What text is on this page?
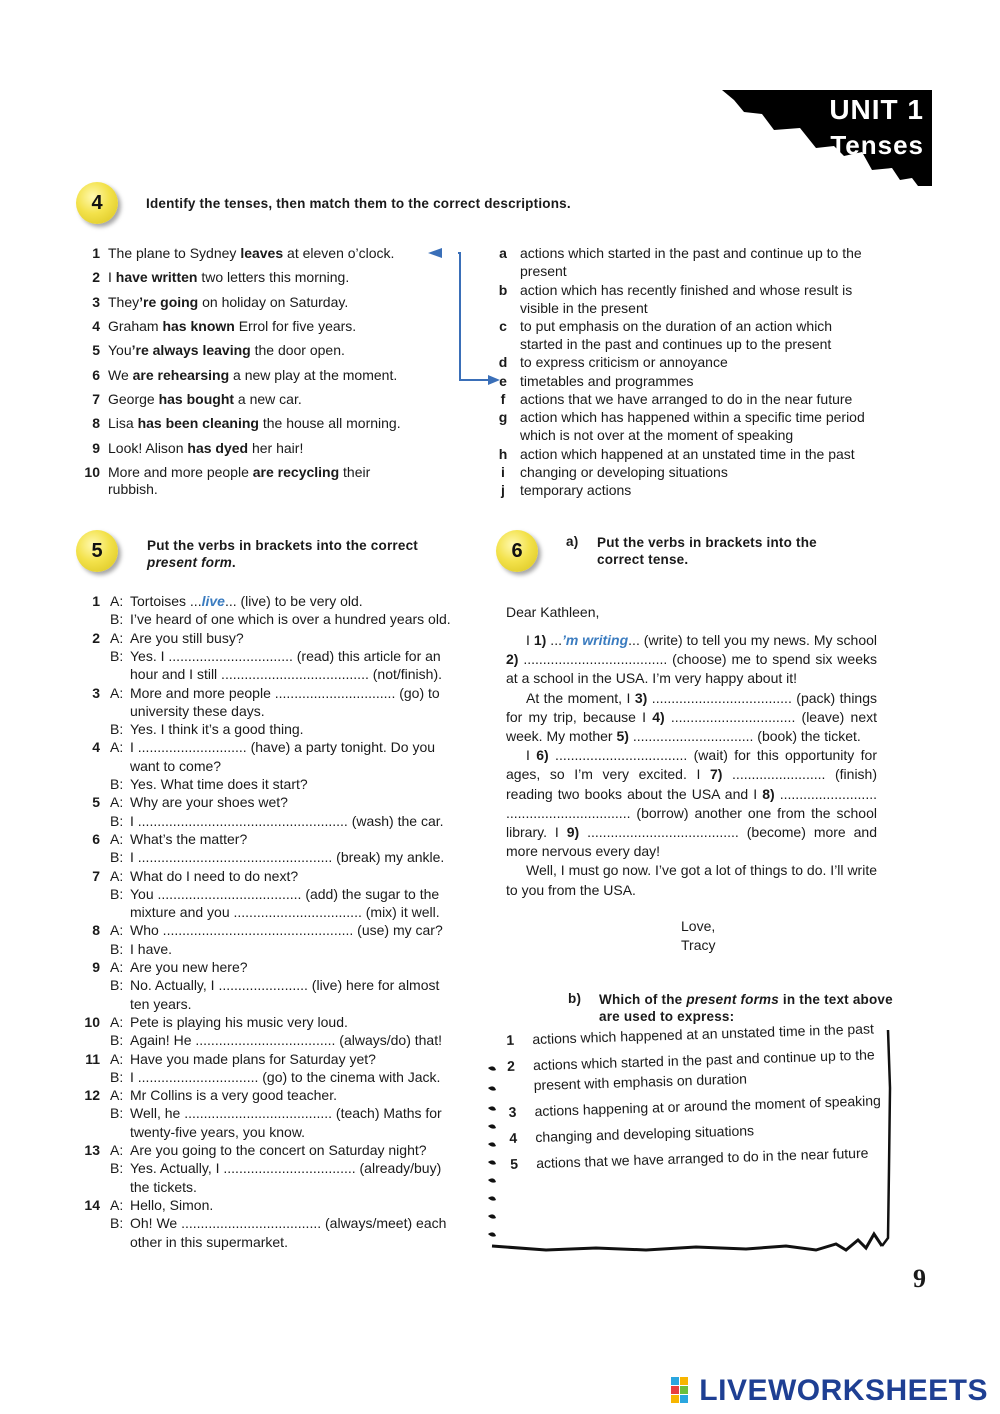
UNIT 1
Tenses
4	Identify the tenses, then match them to the correct descriptions.
1 The plane to Sydney leaves at eleven o’clock.
2 I have written two letters this morning.
3 They’re going on holiday on Saturday.
4 Graham has known Errol for five years.
5 You’re always leaving the door open.
6 We are rehearsing a new play at the moment.
7 George has bought a new car.
8 Lisa has been cleaning the house all morning.
9 Look! Alison has dyed her hair!
10 More and more people are recycling their
rubbish.
a actions which started in the past and continue up to the
present
b action which has recently finished and whose result is
visible in the present
c to put emphasis on the duration of an action which
started in the past and continues up to the present
d to express criticism or annoyance
e timetables and programmes
f	actions that we have arranged to do in the near future
g action which has happened within a specific time period
which is not over at the moment of speaking
h action which happened at an unstated time in the past
i	changing or developing situations
j	temporary actions
5	Put the verbs in brackets into the correct
present form.
1 A: Tortoises ...live... (live) to be very old.
B: I’ve heard of one which is over a hundred years old.
2 A: Are you still busy?
B: Yes. I ................................ (read) this article for an
hour and I still ...................................... (not/finish).
3 A: More and more people ............................... (go) to
university these days.
B: Yes. I think it’s a good thing.
4 A: I ............................ (have) a party tonight. Do you
want to come?
B: Yes. What time does it start?
5 A: Why are your shoes wet?
B: I ...................................................... (wash) the car.
6 A: What’s the matter?
B: I .................................................. (break) my ankle.
7 A: What do I need to do next?
B: You ..................................... (add) the sugar to the
mixture and you ................................. (mix) it well.
8 A: Who ................................................. (use) my car?
B: I have.
9 A: Are you new here?
B: No. Actually, I ....................... (live) here for almost
ten years.
10 A: Pete is playing his music very loud.
B: Again! He .................................... (always/do) that!
11 A: Have you made plans for Saturday yet?
B: I ............................... (go) to the cinema with Jack.
12 A: Mr Collins is a very good teacher.
B: Well, he ...................................... (teach) Maths for
twenty-five years, you know.
13 A: Are you going to the concert on Saturday night?
B: Yes. Actually, I .................................. (already/buy)
the tickets.
14 A: Hello, Simon.
B: Oh! We .................................... (always/meet) each
other in this supermarket.
6	a) Put the verbs in brackets into the correct tense.
Dear Kathleen,

I 1) ...’m writing... (write) to tell you my news. My school 2) ..................................... (choose) me to spend six weeks at a school in the USA. I’m very happy about it!

At the moment, I 3) .................................... (pack) things for my trip, because I 4) ................................ (leave) next week. My mother 5) ............................... (book) the ticket.

I 6) .................................. (wait) for this opportunity for ages, so I’m very excited. I 7) ........................ (finish) reading two books about the USA and I 8) ......................... ................................ (borrow) another one from the school library. I 9) ....................................... (become) more and more nervous every day!

Well, I must go now. I’ve got a lot of things to do. I’ll write to you from the USA.

Love,
Tracy
b) Which of the present forms in the text above are used to express:
1 actions which happened at an unstated time in the past
2 actions which started in the past and continue up to the present with emphasis on duration
3 actions happening at or around the moment of speaking
4 changing and developing situations
5 actions that we have arranged to do in the near future
9
LIVEWORKSHEETS
